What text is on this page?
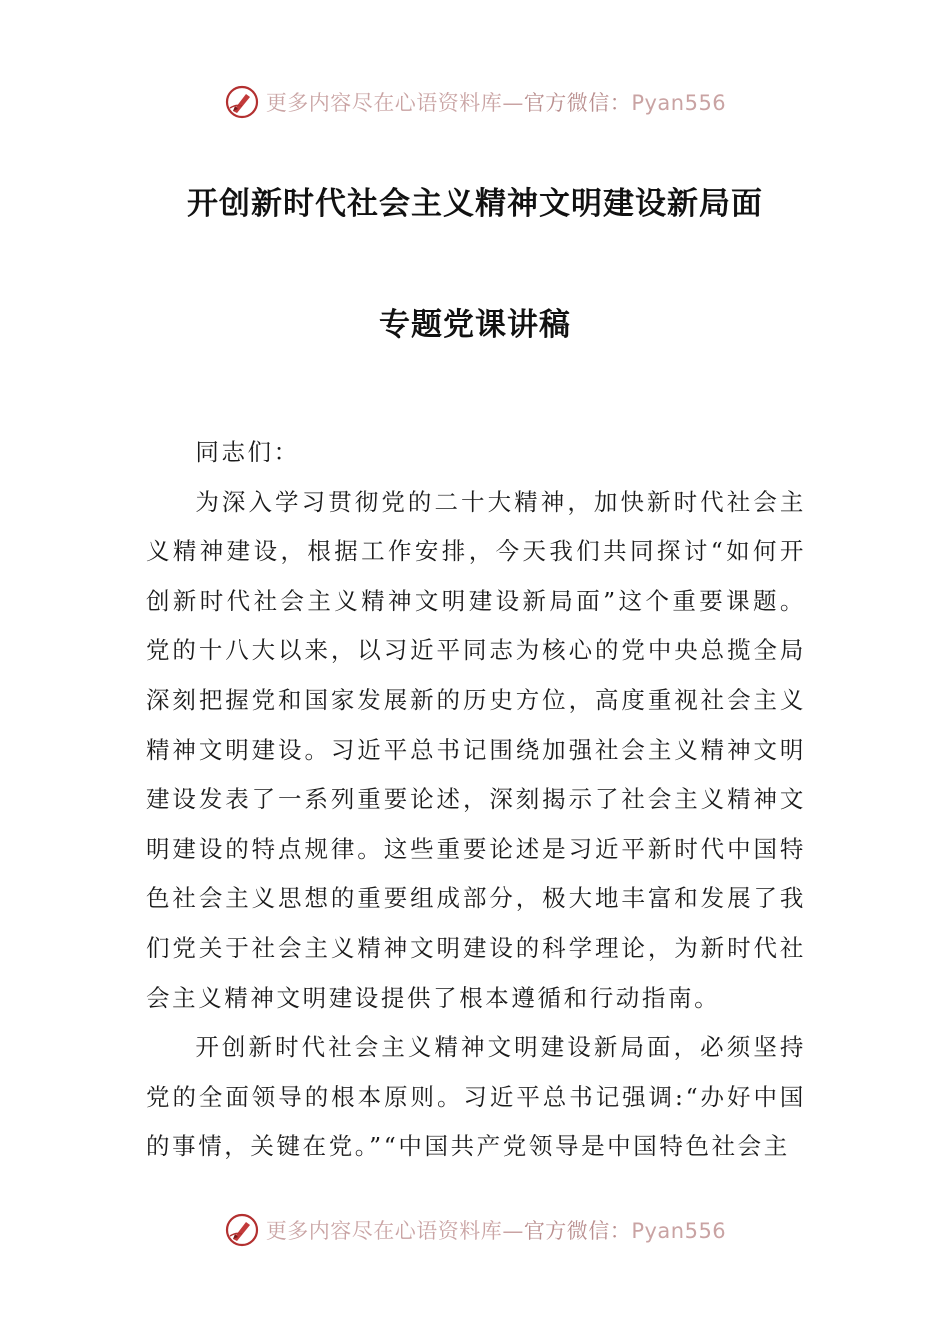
更多内容尽在心语资料库—官方微信：Pyan556
开创新时代社会主义精神文明建设新局面
专题党课讲稿

同志们：

为深入学习贯彻党的二十大精神，加快新时代社会主义精神建设，根据工作安排，今天我们共同探讨“如何开创新时代社会主义精神文明建设新局面”这个重要课题。党的十八大以来，以习近平同志为核心的党中央总揽全局深刻把握党和国家发展新的历史方位，高度重视社会主义精神文明建设。习近平总书记围绕加强社会主义精神文明建设发表了一系列重要论述，深刻揭示了社会主义精神文明建设的特点规律。这些重要论述是习近平新时代中国特色社会主义思想的重要组成部分，极大地丰富和发展了我们党关于社会主义精神文明建设的科学理论，为新时代社会主义精神文明建设提供了根本遵循和行动指南。

开创新时代社会主义精神文明建设新局面，必须坚持党的全面领导的根本原则。习近平总书记强调:“办好中国的事情，关键在党。”“中国共产党领导是中国特色社会主

更多内容尽在心语资料库—官方微信：Pyan556
